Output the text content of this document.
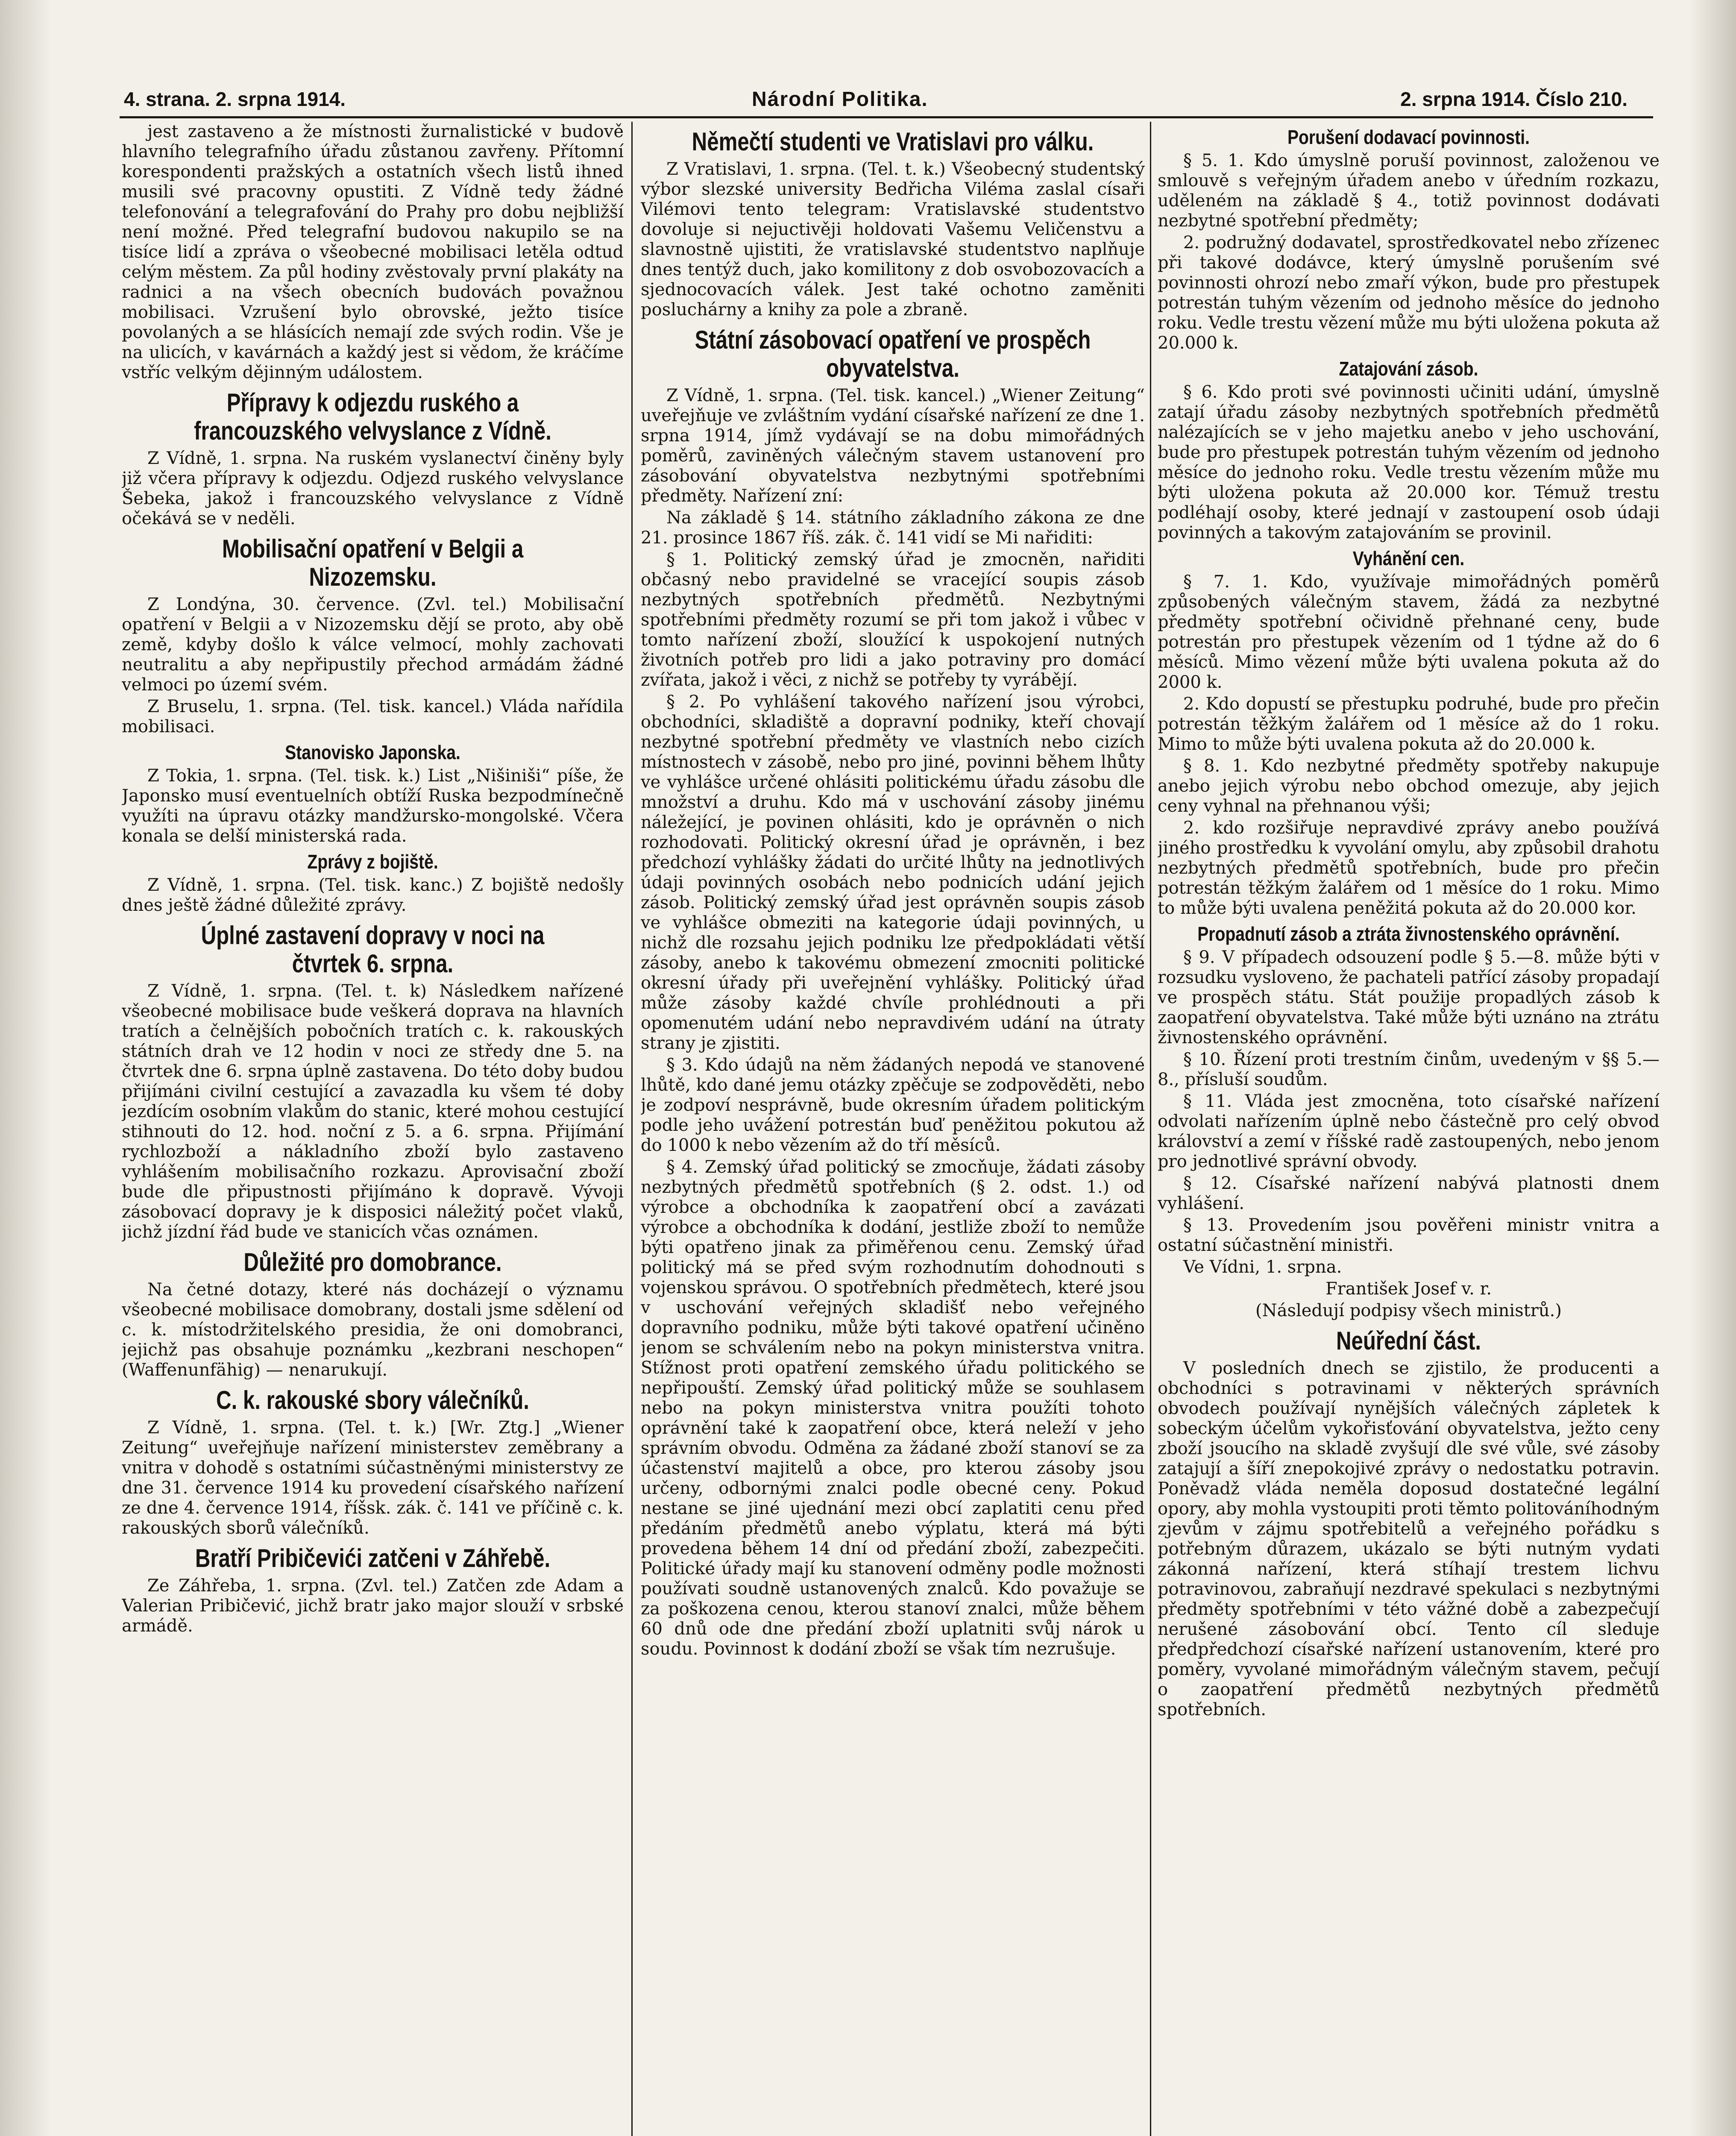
4. strana. 2. srpna 1914.	Národní Politika.	2. srpna 1914. Číslo 210.

jest zastaveno a že místnosti žurnalistické v budově hlavního telegrafního úřadu zůstanou zavřeny. Přítomní korespondenti pražských a ostatních všech listů ihned musili své pracovny opustiti. Z Vídně tedy žádné telefonování a telegrafování do Prahy pro dobu nejbližší není možné. Před telegrafní budovou nakupilo se na tisíce lidí a zpráva o všeobecné mobilisaci letěla odtud celým městem. Za půl hodiny zvěstovaly první plakáty na radnici a na všech obecních budovách považnou mobilisaci. Vzrušení bylo obrovské, ježto tisíce povolaných a se hlásících nemají zde svých rodin. Vše je na ulicích, v kavárnách a každý jest si vědom, že kráčíme vstříc velkým dějinným událostem.

Přípravy k odjezdu ruského a francouzského velvyslance z Vídně.

Z Vídně, 1. srpna. Na ruském vyslanectví činěny byly již včera přípravy k odjezdu. Odjezd ruského velvyslance Šebeka, jakož i francouzského velvyslance z Vídně očekává se v neděli.

Mobilisační opatření v Belgii a Nizozemsku.

Z Londýna, 30. července. (Zvl. tel.) Mobilisační opatření v Belgii a v Nizozemsku dějí se proto, aby obě země, kdyby došlo k válce velmocí, mohly zachovati neutralitu a aby nepřipustily přechod armádám žádné velmoci po území svém.

Z Bruselu, 1. srpna. (Tel. tisk. kancel.) Vláda nařídila mobilisaci.

Stanovisko Japonska.

Z Tokia, 1. srpna. (Tel. tisk. k.) List „Nišiniši“ píše, že Japonsko musí eventuelních obtíží Ruska bezpodmínečně využíti na úpravu otázky mandžursko-mongolské. Včera konala se delší ministerská rada.

Zprávy z bojiště.

Z Vídně, 1. srpna. (Tel. tisk. kanc.) Z bojiště nedošly dnes ještě žádné důležité zprávy.

Úplné zastavení dopravy v noci na čtvrtek 6. srpna.

Z Vídně, 1. srpna. (Tel. t. k) Následkem nařízené všeobecné mobilisace bude veškerá doprava na hlavních tratích a čelnějších pobočních tratích c. k. rakouských státních drah ve 12 hodin v noci ze středy dne 5. na čtvrtek dne 6. srpna úplně zastavena. Do této doby budou přijímáni civilní cestující a zavazadla ku všem té doby jezdícím osobním vlakům do stanic, které mohou cestující stihnouti do 12. hod. noční z 5. a 6. srpna. Přijímání rychlozboží a nákladního zboží bylo zastaveno vyhlášením mobilisačního rozkazu. Aprovisační zboží bude dle připustnosti přijímáno k dopravě. Vývoji zásobovací dopravy je k disposici náležitý počet vlaků, jichž jízdní řád bude ve stanicích včas oznámen.

Důležité pro domobrance.

Na četné dotazy, které nás docházejí o významu všeobecné mobilisace domobrany, dostali jsme sdělení od c. k. místodržitelského presidia, že oni domobranci, jejichž pas obsahuje poznámku „kezbrani neschopen“ (Waffenunfähig) — nenarukují.

C. k. rakouské sbory válečníků.

Z Vídně, 1. srpna. (Tel. t. k.) [Wr. Ztg.] „Wiener Zeitung“ uveřejňuje nařízení ministerstev zeměbrany a vnitra v dohodě s ostatními súčastněnými ministerstvy ze dne 31. července 1914 ku provedení císařského nařízení ze dne 4. července 1914, říšsk. zák. č. 141 ve příčině c. k. rakouských sborů válečníků.

Bratří Pribičevići zatčeni v Záhřebě.

Ze Záhřeba, 1. srpna. (Zvl. tel.) Zatčen zde Adam a Valerian Pribičević, jichž bratr jako major slouží v srbské armádě.

Němečtí studenti ve Vratislavi pro válku.

Z Vratislavi, 1. srpna. (Tel. t. k.) Všeobecný studentský výbor slezské university Bedřicha Viléma zaslal císaři Vilémovi tento telegram: Vratislavské studentstvo dovoluje si nejuctivěji holdovati Vašemu Veličenstvu a slavnostně ujistiti, že vratislavské studentstvo naplňuje dnes tentýž duch, jako komilitony z dob osvobozovacích a sjednocovacích válek. Jest také ochotno zaměniti posluchárny a knihy za pole a zbraně.

Státní zásobovací opatření ve prospěch obyvatelstva.

Z Vídně, 1. srpna. (Tel. tisk. kancel.) „Wiener Zeitung“ uveřejňuje ve zvláštním vydání císařské nařízení ze dne 1. srpna 1914, jímž vydávají se na dobu mimořádných poměrů, zaviněných válečným stavem ustanovení pro zásobování obyvatelstva nezbytnými spotřebními předměty. Nařízení zní:

Na základě § 14. státního základního zákona ze dne 21. prosince 1867 říš. zák. č. 141 vidí se Mi nařiditi:

§ 1. Politický zemský úřad je zmocněn, nařiditi občasný nebo pravidelné se vracející soupis zásob nezbytných spotřebních předmětů. Nezbytnými spotřebními předměty rozumí se při tom jakož i vůbec v tomto nařízení zboží, sloužící k uspokojení nutných životních potřeb pro lidi a jako potraviny pro domácí zvířata, jakož i věci, z nichž se potřeby ty vyrábějí.

§ 2. Po vyhlášení takového nařízení jsou výrobci, obchodníci, skladiště a dopravní podniky, kteří chovají nezbytné spotřební předměty ve vlastních nebo cizích místnostech v zásobě, nebo pro jiné, povinni během lhůty ve vyhlášce určené ohlásiti politickému úřadu zásobu dle množství a druhu. Kdo má v uschování zásoby jinému náležející, je povinen ohlásiti, kdo je oprávněn o nich rozhodovati. Politický okresní úřad je oprávněn, i bez předchozí vyhlášky žádati do určité lhůty na jednotlivých údaji povinných osobách nebo podnicích udání jejich zásob. Politický zemský úřad jest oprávněn soupis zásob ve vyhlášce obmeziti na kategorie údaji povinných, u nichž dle rozsahu jejich podniku lze předpokládati větší zásoby, anebo k takovému obmezení zmocniti politické okresní úřady při uveřejnění vyhlášky. Politický úřad může zásoby každé chvíle prohlédnouti a při opomenutém udání nebo nepravdivém udání na útraty strany je zjistiti.

§ 3. Kdo údajů na něm žádaných nepodá ve stanovené lhůtě, kdo dané jemu otázky zpěčuje se zodpověděti, nebo je zodpoví nesprávně, bude okresním úřadem politickým podle jeho uvážení potrestán buď peněžitou pokutou až do 1000 k nebo vězením až do tří měsíců.

§ 4. Zemský úřad politický se zmocňuje, žádati zásoby nezbytných předmětů spotřebních (§ 2. odst. 1.) od výrobce a obchodníka k zaopatření obcí a zavázati výrobce a obchodníka k dodání, jestliže zboží to nemůže býti opatřeno jinak za přiměřenou cenu. Zemský úřad politický má se před svým rozhodnutím dohodnouti s vojenskou správou. O spotřebních předmětech, které jsou v uschování veřejných skladišť nebo veřejného dopravního podniku, může býti takové opatření učiněno jenom se schválením nebo na pokyn ministerstva vnitra. Stížnost proti opatření zemského úřadu politického se nepřipouští. Zemský úřad politický může se souhlasem nebo na pokyn ministerstva vnitra použíti tohoto oprávnění také k zaopatření obce, která neleží v jeho správním obvodu. Odměna za žádané zboží stanoví se za účastenství majitelů a obce, pro kterou zásoby jsou určeny, odbornými znalci podle obecné ceny. Pokud nestane se jiné ujednání mezi obcí zaplatiti cenu před předáním předmětů anebo výplatu, která má býti provedena během 14 dní od předání zboží, zabezpečiti. Politické úřady mají ku stanovení odměny podle možnosti používati soudně ustanovených znalců. Kdo považuje se za poškozena cenou, kterou stanoví znalci, může během 60 dnů ode dne předání zboží uplatniti svůj nárok u soudu. Povinnost k dodání zboží se však tím nezrušuje.

Porušení dodavací povinnosti.

§ 5. 1. Kdo úmyslně poruší povinnost, založenou ve smlouvě s veřejným úřadem anebo v úředním rozkazu, uděleném na základě § 4., totiž povinnost dodávati nezbytné spotřební předměty;

2. podružný dodavatel, sprostředkovatel nebo zřízenec při takové dodávce, který úmyslně porušením své povinnosti ohrozí nebo zmaří výkon, bude pro přestupek potrestán tuhým vězením od jednoho měsíce do jednoho roku. Vedle trestu vězení může mu býti uložena pokuta až 20.000 k.

Zatajování zásob.

§ 6. Kdo proti své povinnosti učiniti udání, úmyslně zatají úřadu zásoby nezbytných spotřebních předmětů nalézajících se v jeho majetku anebo v jeho uschování, bude pro přestupek potrestán tuhým vězením od jednoho měsíce do jednoho roku. Vedle trestu vězením může mu býti uložena pokuta až 20.000 kor. Témuž trestu podléhají osoby, které jednají v zastoupení osob údaji povinných a takovým zatajováním se provinil.

Vyhánění cen.

§ 7. 1. Kdo, využívaje mimořádných poměrů způsobených válečným stavem, žádá za nezbytné předměty spotřební očividně přehnané ceny, bude potrestán pro přestupek vězením od 1 týdne až do 6 měsíců. Mimo vězení může býti uvalena pokuta až do 2000 k.

2. Kdo dopustí se přestupku podruhé, bude pro přečin potrestán těžkým žalářem od 1 měsíce až do 1 roku. Mimo to může býti uvalena pokuta až do 20.000 k.

§ 8. 1. Kdo nezbytné předměty spotřeby nakupuje anebo jejich výrobu nebo obchod omezuje, aby jejich ceny vyhnal na přehnanou výši;

2. kdo rozšiřuje nepravdivé zprávy anebo používá jiného prostředku k vyvolání omylu, aby způsobil drahotu nezbytných předmětů spotřebních, bude pro přečin potrestán těžkým žalářem od 1 měsíce do 1 roku. Mimo to může býti uvalena peněžitá pokuta až do 20.000 kor.

Propadnutí zásob a ztráta živnostenského oprávnění.

§ 9. V případech odsouzení podle § 5.—8. může býti v rozsudku vysloveno, že pachateli patřící zásoby propadají ve prospěch státu. Stát použije propadlých zásob k zaopatření obyvatelstva. Také může býti uznáno na ztrátu živnostenského oprávnění.

§ 10. Řízení proti trestním činům, uvedeným v §§ 5.—8., přísluší soudům.

§ 11. Vláda jest zmocněna, toto císařské nařízení odvolati nařízením úplně nebo částečně pro celý obvod království a zemí v říšské radě zastoupených, nebo jenom pro jednotlivé správní obvody.

§ 12. Císařské nařízení nabývá platnosti dnem vyhlášení.

§ 13. Provedením jsou pověřeni ministr vnitra a ostatní súčastnění ministři.

Ve Vídni, 1. srpna.

František Josef v. r.

(Následují podpisy všech ministrů.)

Neúřední část.

V posledních dnech se zjistilo, že producenti a obchodníci s potravinami v některých správních obvodech používají nynějších válečných zápletek k sobeckým účelům vykořisťování obyvatelstva, ježto ceny zboží jsoucího na skladě zvyšují dle své vůle, své zásoby zatajují a šíří znepokojivé zprávy o nedostatku potravin. Poněvadž vláda neměla doposud dostatečné legální opory, aby mohla vystoupiti proti těmto politováníhodným zjevům v zájmu spotřebitelů a veřejného pořádku s potřebným důrazem, ukázalo se býti nutným vydati zákonná nařízení, která stíhají trestem lichvu potravinovou, zabraňují nezdravé spekulaci s nezbytnými předměty spotřebními v této vážné době a zabezpečují nerušené zásobování obcí. Tento cíl sleduje předpředchozí císařské nařízení ustanovením, které pro poměry, vyvolané mimořádným válečným stavem, pečují o zaopatření předmětů nezbytných předmětů spotřebních.
